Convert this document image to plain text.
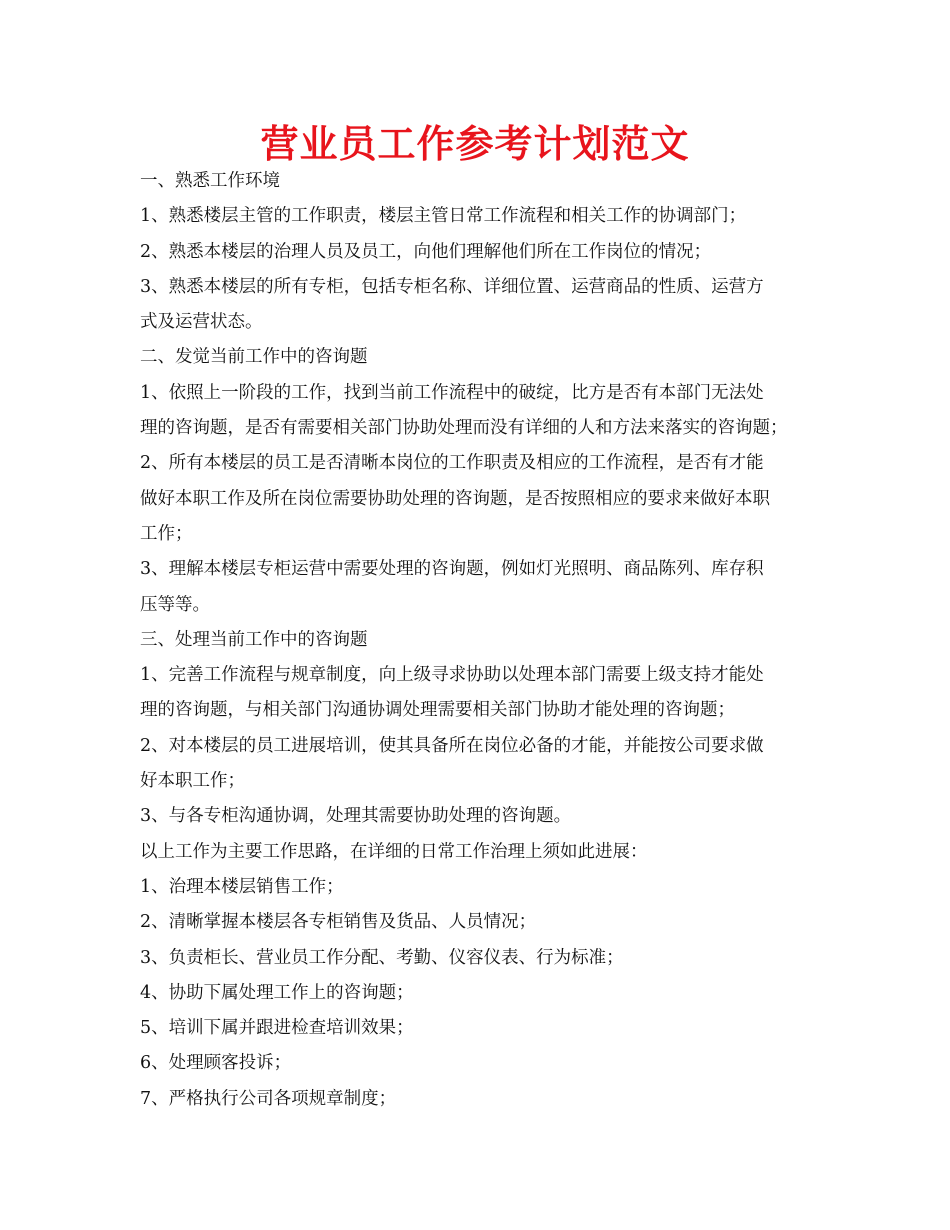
营业员工作参考计划范文
一、熟悉工作环境
1、熟悉楼层主管的工作职责，楼层主管日常工作流程和相关工作的协调部门；
2、熟悉本楼层的治理人员及员工，向他们理解他们所在工作岗位的情况；
3、熟悉本楼层的所有专柜，包括专柜名称、详细位置、运营商品的性质、运营方
式及运营状态。
二、发觉当前工作中的咨询题
1、依照上一阶段的工作，找到当前工作流程中的破绽，比方是否有本部门无法处
理的咨询题，是否有需要相关部门协助处理而没有详细的人和方法来落实的咨询题；
2、所有本楼层的员工是否清晰本岗位的工作职责及相应的工作流程，是否有才能
做好本职工作及所在岗位需要协助处理的咨询题，是否按照相应的要求来做好本职
工作；
3、理解本楼层专柜运营中需要处理的咨询题，例如灯光照明、商品陈列、库存积
压等等。
三、处理当前工作中的咨询题
1、完善工作流程与规章制度，向上级寻求协助以处理本部门需要上级支持才能处
理的咨询题，与相关部门沟通协调处理需要相关部门协助才能处理的咨询题；
2、对本楼层的员工进展培训，使其具备所在岗位必备的才能，并能按公司要求做
好本职工作；
3、与各专柜沟通协调，处理其需要协助处理的咨询题。
以上工作为主要工作思路，在详细的日常工作治理上须如此进展：
1、治理本楼层销售工作；
2、清晰掌握本楼层各专柜销售及货品、人员情况；
3、负责柜长、营业员工作分配、考勤、仪容仪表、行为标准；
4、协助下属处理工作上的咨询题；
5、培训下属并跟进检查培训效果；
6、处理顾客投诉；
7、严格执行公司各项规章制度；
